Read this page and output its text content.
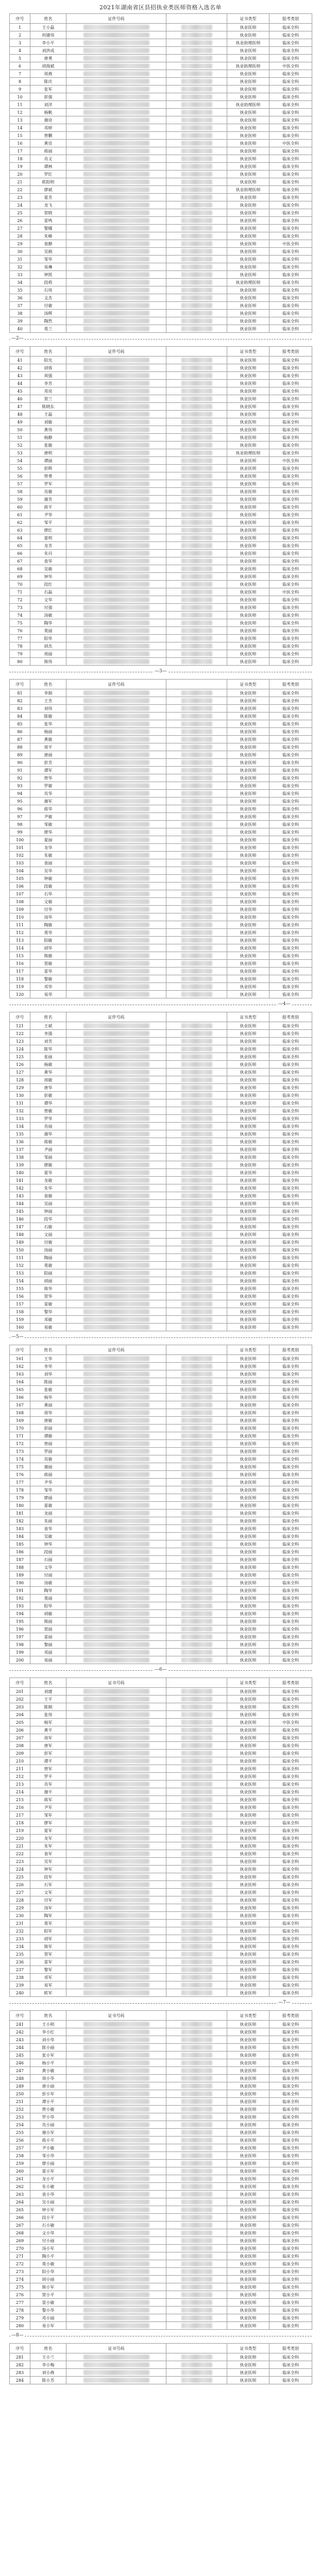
2021年湖南省区县招执业类医师资格入选名单
序号	姓名	证件号码		证书类型	报考类别
1	王小磊			执业医师	临床全科
2	何建伟			执业医师	临床全科
3	李小平			执业助理医师	临床全科
4	刘洪成			执业医师	临床全科
5	唐勇			执业医师	临床全科
6	胡海斌			执业助理医师	中医全科
7	周燕			执业医师	临床全科
8	陈庆			执业医师	临床全科
9	张军			执业医师	临床全科
10	彭强			执业医师	临床全科
11	刘洋			执业助理医师	临床全科
12	杨帆			执业医师	临床全科
13	谢亮			执业医师	临床全科
14	邓婷			执业医师	临床全科
15	曾鹏			执业医师	临床全科
16	黄佳			执业医师	中医全科
17	蒋丽			执业医师	临床全科
18	肖文			执业医师	临床全科
19	谭林			执业医师	临床全科
20	罗红			执业医师	临床全科
21	欧阳明			执业医师	临床全科
22	廖斌			执业助理医师	临床全科
23	夏芳			执业医师	临床全科
24	龙飞			执业医师	临床全科
25	贺晓			执业医师	临床全科
26	雷鸣			执业医师	临床全科
27	黎娜			执业医师	临床全科
28	朱峰			执业医师	临床全科
29	袁静			执业医师	中医全科
30	吴刚			执业医师	临床全科
31	邹华			执业医师	临床全科
32	易琳			执业医师	临床全科
33	钟凯			执业医师	临床全科
34	段莉			执业助理医师	临床全科
35	石伟			执业医师	临床全科
36	文杰			执业医师	临床全科
37	付敏			执业医师	临床全科
38	汤辉			执业医师	临床全科
39	陶然			执业医师	临床全科
40	莫兰			执业医师	临床全科
—2—
序号	姓名	证件号码		证书类型	报考类别
41	阳光			执业医师	临床全科
42	胡蓉			执业医师	临床全科
43	周强			执业医师	临床全科
44	李芳			执业医师	临床全科
45	邓亮			执业医师	临床全科
46	贺兰			执业医师	临床全科
47	陈晓东			执业医师	临床全科
48	王磊			执业医师	临床全科
49	刘敏			执业医师	临床全科
50	黄伟			执业医师	临床全科
51	杨静			执业医师	临床全科
52	张敏			执业医师	临床全科
53	唐明			执业助理医师	临床全科
54	谭丽			执业医师	中医全科
55	彭辉			执业医师	临床全科
56	曾勇			执业医师	临床全科
57	罗军			执业医师	临床全科
58	肖敏			执业医师	临床全科
59	谢芳			执业医师	临床全科
60	蒋平			执业医师	临床全科
61	尹华			执业医师	临床全科
62	邹平			执业医师	临床全科
63	廖红			执业医师	临床全科
64	夏明			执业医师	临床全科
65	龙芳			执业医师	临床全科
66	朱丹			执业医师	临床全科
67	袁华			执业医师	临床全科
68	吴敏			执业医师	临床全科
69	钟华			执业医师	临床全科
70	段红			执业医师	临床全科
71	石磊			执业医师	中医全科
72	文华			执业医师	临床全科
73	付强			执业医师	临床全科
74	汤敏			执业医师	临床全科
75	陶华			执业医师	临床全科
76	莫丽			执业医师	临床全科
77	阳华			执业医师	临床全科
78	胡杰			执业医师	临床全科
79	周丽			执业医师	临床全科
80	熊伟			执业医师	临床全科
—3—
序号	姓名	证件号码		证书类型	报考类别
81	李娟			执业医师	临床全科
82	王芳			执业医师	临床全科
83	刘伟			执业医师	临床全科
84	陈敏			执业医师	临床全科
85	张华			执业医师	临床全科
86	杨丽			执业医师	临床全科
87	黄敏			执业医师	临床全科
88	周平			执业医师	临床全科
89	唐丽			执业医师	临床全科
90	彭芳			执业医师	临床全科
91	谭军			执业医师	临床全科
92	曾华			执业医师	临床全科
93	罗敏			执业医师	临床全科
94	肖华			执业医师	临床全科
95	谢军			执业医师	临床全科
96	蒋华			执业医师	临床全科
97	尹敏			执业医师	临床全科
98	邹敏			执业医师	临床全科
99	廖华			执业医师	临床全科
100	夏丽			执业医师	临床全科
101	龙华			执业医师	临床全科
102	朱敏			执业医师	临床全科
103	袁丽			执业医师	临床全科
104	吴华			执业医师	临床全科
105	钟敏			执业医师	临床全科
106	段敏			执业医师	临床全科
107	石华			执业医师	临床全科
108	文敏			执业医师	临床全科
109	付华			执业医师	临床全科
110	汤华			执业医师	临床全科
111	陶敏			执业医师	临床全科
112	莫华			执业医师	临床全科
113	阳敏			执业医师	临床全科
114	胡华			执业医师	临床全科
115	熊敏			执业医师	临床全科
116	贺敏			执业医师	临床全科
117	雷华			执业医师	临床全科
118	黎敏			执业医师	临床全科
119	邓华			执业医师	临床全科
120	易华			执业医师	临床全科
—4—
序号	姓名	证件号码		证书类型	报考类别
121	王斌			执业医师	临床全科
122	李强			执业医师	临床全科
123	刘芳			执业医师	临床全科
124	陈华			执业医师	临床全科
125	张丽			执业医师	临床全科
126	杨敏			执业医师	临床全科
127	黄华			执业医师	临床全科
128	周敏			执业医师	临床全科
129	唐华			执业医师	临床全科
130	彭敏			执业医师	临床全科
131	谭华			执业医师	临床全科
132	曾敏			执业医师	临床全科
133	罗华			执业医师	临床全科
134	肖丽			执业医师	临床全科
135	谢华			执业医师	临床全科
136	蒋敏			执业医师	临床全科
137	尹丽			执业医师	临床全科
138	邹丽			执业医师	临床全科
139	廖敏			执业医师	临床全科
140	夏华			执业医师	临床全科
141	龙敏			执业医师	临床全科
142	朱华			执业医师	临床全科
143	袁敏			执业医师	临床全科
144	吴丽			执业医师	临床全科
145	钟丽			执业医师	临床全科
146	段华			执业医师	临床全科
147	石敏			执业医师	临床全科
148	文丽			执业医师	临床全科
149	付敏			执业医师	临床全科
150	汤丽			执业医师	临床全科
151	陶丽			执业医师	临床全科
152	莫敏			执业医师	临床全科
153	阳丽			执业医师	临床全科
154	胡丽			执业医师	临床全科
155	熊华			执业医师	临床全科
156	贺华			执业医师	临床全科
157	雷敏			执业医师	临床全科
158	黎华			执业医师	临床全科
159	邓敏			执业医师	临床全科
160	易敏			执业医师	临床全科
—5—
序号	姓名	证件号码		证书类型	报考类别
161	王华			执业医师	临床全科
162	李华			执业医师	临床全科
163	刘华			执业医师	临床全科
164	陈丽			执业医师	临床全科
165	张敏			执业医师	临床全科
166	杨华			执业医师	临床全科
167	黄丽			执业医师	临床全科
168	周华			执业医师	临床全科
169	唐敏			执业医师	临床全科
170	彭丽			执业医师	临床全科
171	谭敏			执业医师	临床全科
172	曾丽			执业医师	临床全科
173	罗丽			执业医师	临床全科
174	肖敏			执业医师	临床全科
175	谢丽			执业医师	临床全科
176	蒋丽			执业医师	临床全科
177	尹华			执业医师	临床全科
178	邹华			执业医师	临床全科
179	廖丽			执业医师	临床全科
180	夏敏			执业医师	临床全科
181	龙丽			执业医师	临床全科
182	朱丽			执业医师	临床全科
183	袁华			执业医师	临床全科
184	吴敏			执业医师	临床全科
185	钟华			执业医师	临床全科
186	段丽			执业医师	临床全科
187	石丽			执业医师	临床全科
188	文华			执业医师	临床全科
189	付丽			执业医师	临床全科
190	汤敏			执业医师	临床全科
191	陶华			执业医师	临床全科
192	莫丽			执业医师	临床全科
193	阳华			执业医师	临床全科
194	胡敏			执业医师	临床全科
195	熊丽			执业医师	临床全科
196	贺丽			执业医师	临床全科
197	雷丽			执业医师	临床全科
198	黎丽			执业医师	临床全科
199	邓丽			执业医师	临床全科
200	易丽			执业医师	临床全科
—6—
序号	姓名	证书号码		证书类型	报考类别
201	刘建			执业医师	临床全科
202	王平			执业医师	临床全科
203	陈刚			执业医师	临床全科
204	张伟			执业医师	临床全科
205	杨军			执业医师	中医全科
206	黄平			执业医师	临床全科
207	周军			执业医师	临床全科
208	唐军			执业医师	临床全科
209	彭军			执业医师	临床全科
210	谭平			执业医师	临床全科
211	曾军			执业医师	临床全科
212	罗平			执业医师	临床全科
213	肖军			执业医师	临床全科
214	谢平			执业医师	临床全科
215	蒋军			执业医师	临床全科
216	尹军			执业医师	临床全科
217	邹军			执业医师	临床全科
218	廖军			执业医师	临床全科
219	夏军			执业医师	临床全科
220	龙军			执业医师	临床全科
221	朱军			执业医师	临床全科
222	袁军			执业医师	临床全科
223	吴军			执业医师	临床全科
224	钟军			执业医师	临床全科
225	段军			执业医师	临床全科
226	石军			执业医师	临床全科
227	文军			执业医师	临床全科
228	付军			执业医师	临床全科
229	汤军			执业医师	临床全科
230	陶军			执业医师	临床全科
231	莫军			执业医师	临床全科
232	阳军			执业医师	临床全科
233	胡军			执业医师	临床全科
234	熊军			执业医师	临床全科
235	贺军			执业医师	临床全科
236	雷军			执业医师	临床全科
237	黎军			执业医师	临床全科
238	邓军			执业医师	临床全科
239	易军			执业医师	临床全科
240	欧军			执业医师	临床全科
—7—
序号	姓名	证书号码		证书类型	报考类别
241	王小明			执业医师	临床全科
242	李小红			执业医师	临床全科
243	刘小华			执业医师	临床全科
244	陈小丽			执业医师	临床全科
245	张小军			执业医师	临床全科
246	杨小平			执业医师	临床全科
247	黄小敏			执业医师	临床全科
248	周小华			执业医师	临床全科
249	唐小丽			执业医师	临床全科
250	彭小军			执业医师	临床全科
251	谭小平			执业医师	临床全科
252	曾小敏			执业医师	临床全科
253	罗小华			执业医师	临床全科
254	肖小丽			执业医师	临床全科
255	谢小军			执业医师	临床全科
256	蒋小平			执业医师	临床全科
257	尹小敏			执业医师	临床全科
258	邹小华			执业医师	临床全科
259	廖小丽			执业医师	临床全科
260	夏小军			执业医师	临床全科
261	龙小平			执业医师	临床全科
262	朱小敏			执业医师	临床全科
263	袁小华			执业医师	临床全科
264	吴小丽			执业医师	临床全科
265	钟小军			执业医师	临床全科
266	段小平			执业医师	临床全科
267	石小敏			执业医师	临床全科
268	文小华			执业医师	临床全科
269	付小丽			执业医师	临床全科
270	汤小军			执业医师	临床全科
271	陶小平			执业医师	临床全科
272	莫小敏			执业医师	临床全科
273	阳小华			执业医师	临床全科
274	胡小丽			执业医师	临床全科
275	熊小军			执业医师	临床全科
276	贺小平			执业医师	临床全科
277	雷小敏			执业医师	临床全科
278	黎小华			执业医师	临床全科
279	邓小丽			执业医师	临床全科
280	易小军			执业医师	临床全科
—8—
序号	姓名	证书号码		证书类型	报考类别
281	王小兰			执业医师	临床全科
282	李小梅			执业医师	临床全科
283	刘小燕			执业医师	临床全科
284	陈小芳			执业医师	临床全科
